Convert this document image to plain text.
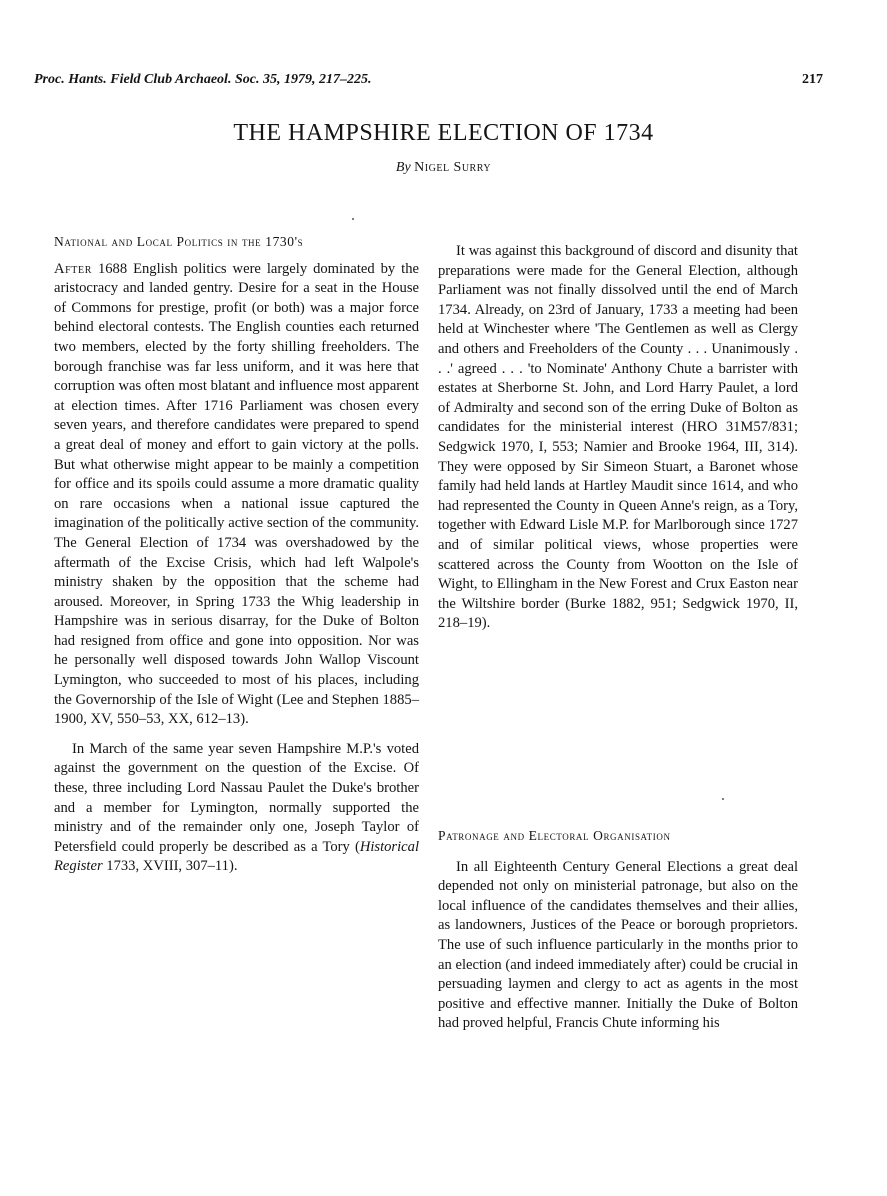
Proc. Hants. Field Club Archaeol. Soc. 35, 1979, 217–225.	217
THE HAMPSHIRE ELECTION OF 1734
By Nigel Surry
National and Local Politics in the 1730's

After 1688 English politics were largely dominated by the aristocracy and landed gentry. Desire for a seat in the House of Commons for prestige, profit (or both) was a major force behind electoral contests. The English counties each returned two members, elected by the forty shilling freeholders. The borough franchise was far less uniform, and it was here that corruption was often most blatant and influence most apparent at election times. After 1716 Parliament was chosen every seven years, and therefore candidates were prepared to spend a great deal of money and effort to gain victory at the polls. But what otherwise might appear to be mainly a competition for office and its spoils could assume a more dramatic quality on rare occasions when a national issue captured the imagination of the politically active section of the community. The General Election of 1734 was overshadowed by the aftermath of the Excise Crisis, which had left Walpole's ministry shaken by the opposition that the scheme had aroused. Moreover, in Spring 1733 the Whig leadership in Hampshire was in serious disarray, for the Duke of Bolton had resigned from office and gone into opposition. Nor was he personally well disposed towards John Wallop Viscount Lymington, who succeeded to most of his places, including the Governorship of the Isle of Wight (Lee and Stephen 1885–1900, XV, 550–53, XX, 612–13).

In March of the same year seven Hampshire M.P.'s voted against the government on the question of the Excise. Of these, three including Lord Nassau Paulet the Duke's brother and a member for Lymington, normally supported the ministry and of the remainder only one, Joseph Taylor of Petersfield could properly be described as a Tory (Historical Register 1733, XVIII, 307–11).

It was against this background of discord and disunity that preparations were made for the General Election, although Parliament was not finally dissolved until the end of March 1734. Already, on 23rd of January, 1733 a meeting had been held at Winchester where 'The Gentlemen as well as Clergy and others and Freeholders of the County . . . Unanimously . . .' agreed . . . 'to Nominate' Anthony Chute a barrister with estates at Sherborne St. John, and Lord Harry Paulet, a lord of Admiralty and second son of the erring Duke of Bolton as candidates for the ministerial interest (HRO 31M57/831; Sedgwick 1970, I, 553; Namier and Brooke 1964, III, 314). They were opposed by Sir Simeon Stuart, a Baronet whose family had held lands at Hartley Maudit since 1614, and who had represented the County in Queen Anne's reign, as a Tory, together with Edward Lisle M.P. for Marlborough since 1727 and of similar political views, whose properties were scattered across the County from Wootton on the Isle of Wight, to Ellingham in the New Forest and Crux Easton near the Wiltshire border (Burke 1882, 951; Sedgwick 1970, II, 218–19).

Patronage and Electoral Organisation

In all Eighteenth Century General Elections a great deal depended not only on ministerial patronage, but also on the local influence of the candidates themselves and their allies, as landowners, Justices of the Peace or borough proprietors. The use of such influence particularly in the months prior to an election (and indeed immediately after) could be crucial in persuading laymen and clergy to act as agents in the most positive and effective manner. Initially the Duke of Bolton had proved helpful, Francis Chute informing his
